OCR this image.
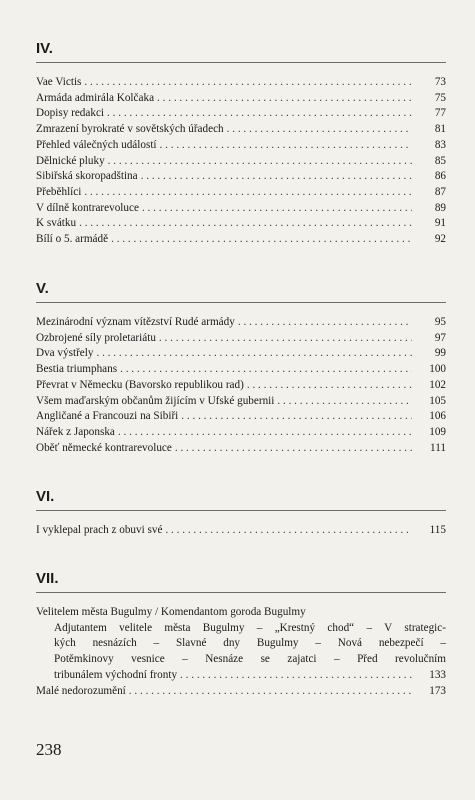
IV.
Vae Victis . . .	73
Armáda admirála Kolčaka . . .	75
Dopisy redakci . . .	77
Zmrazení byrokraté v sovětských úřadech . . .	81
Přehled válečných událostí . . .	83
Dělnické pluky . . .	85
Sibiřská skoropadština . . .	86
Přeběhlíci . . .	87
V dílně kontrarevoluce . . .	89
K svátku . . .	91
Bílí o 5. armádě . . .	92
V.
Mezinárodní význam vítězství Rudé armády . . .	95
Ozbrojené síly proletariátu . . .	97
Dva výstřely . . .	99
Bestia triumphans . . .	100
Převrat v Německu (Bavorsko republikou rad) . . .	102
Všem maďarským občanům žijícím v Ufské gubernii . . .	105
Angličané a Francouzi na Sibiři . . .	106
Nářek z Japonska . . .	109
Oběť německé kontrarevoluce . . .	111
VI.
I vyklepal prach z obuvi své . . .	115
VII.
Velitelem města Bugulmy / Komendantom goroda Bugulmy
Adjutantem velitele města Bugulmy – „Krestný chod“ – V strategic-
kých nesnázích – Slavné dny Bugulmy – Nová nebezpečí –
Potěmkinovy vesnice – Nesnáze se zajatci – Před revolučním
tribunálem východní fronty . . .	133
Malé nedorozumění . . .	173
238
